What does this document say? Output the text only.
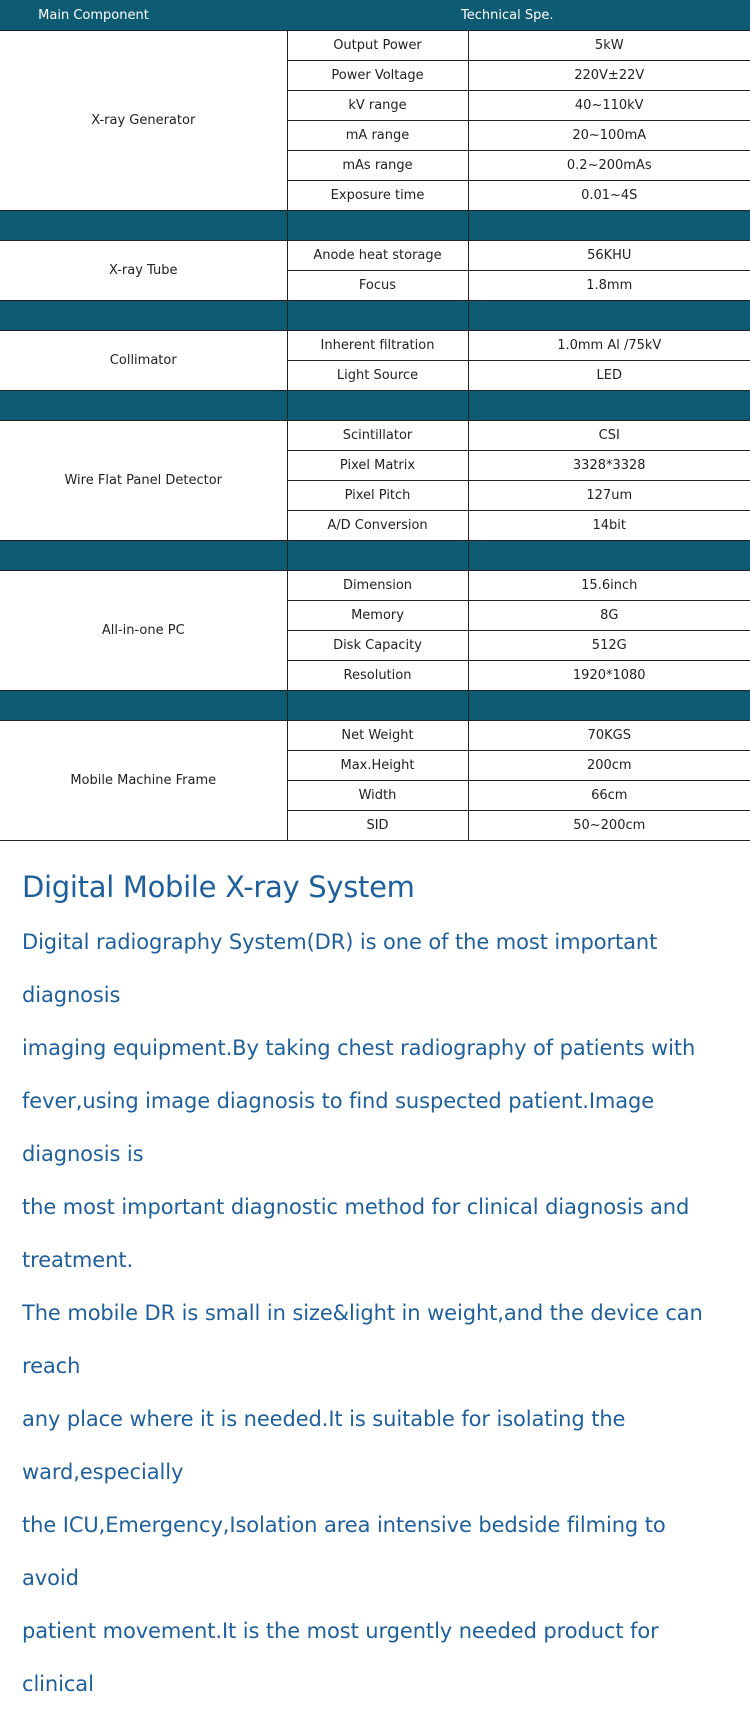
Main Component	Technical Spe.	

X-ray Generator	Output Power	5kW
	Power Voltage	220V±22V
	kV range	40~110kV
	mA range	20~100mA
	mAs range	0.2~200mAs
	Exposure time	0.01~4S

X-ray Tube	Anode heat storage	56KHU
	Focus	1.8mm

Collimator	Inherent filtration	1.0mm Al /75kV
	Light Source	LED

Wire Flat Panel Detector	Scintillator	CSI
	Pixel Matrix	3328*3328
	Pixel Pitch	127um
	A/D Conversion	14bit

All-in-one PC	Dimension	15.6inch
	Memory	8G
	Disk Capacity	512G
	Resolution	1920*1080

Mobile Machine Frame	Net Weight	70KGS
	Max.Height	200cm
	Width	66cm
	SID	50~200cm
Digital Mobile X-ray System

Digital radiography System(DR) is one of the most important diagnosis

imaging equipment.By taking chest radiography of patients with

fever,using image diagnosis to find suspected patient.Image diagnosis is

the most important diagnostic method for clinical diagnosis and

treatment.

The mobile DR is small in size&light in weight,and the device can reach

any place where it is needed.It is suitable for isolating the ward,especially

the ICU,Emergency,Isolation area intensive bedside filming to avoid

patient movement.It is the most urgently needed product for clinical
